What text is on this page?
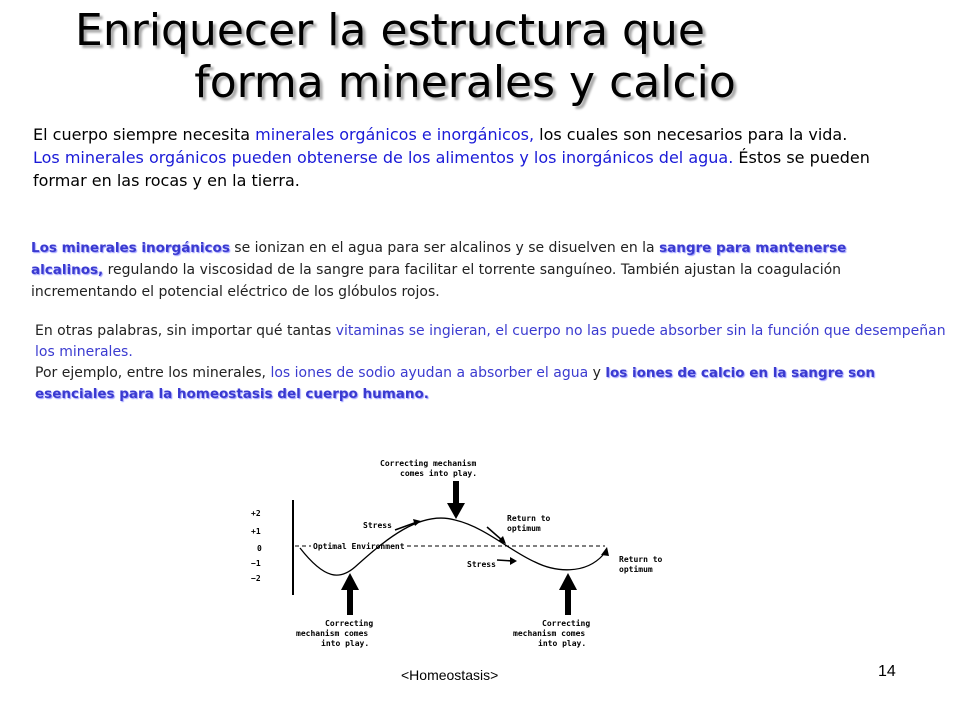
Enriquecer la estructura que
forma minerales y calcio
El cuerpo siempre necesita minerales orgánicos e inorgánicos, los cuales son necesarios para la vida.
Los minerales orgánicos pueden obtenerse de los alimentos y los inorgánicos del agua. Éstos se pueden formar en las rocas y en la tierra.
Los minerales inorgánicos se ionizan en el agua para ser alcalinos y se disuelven en la sangre para mantenerse alcalinos, regulando la viscosidad de la sangre para facilitar el torrente sanguíneo. También ajustan la coagulación incrementando el potencial eléctrico de los glóbulos rojos.
En otras palabras, sin importar qué tantas vitaminas se ingieran, el cuerpo no las puede absorber sin la función que desempeñan los minerales.
Por ejemplo, entre los minerales, los iones de sodio ayudan a absorber el agua y los iones de calcio en la sangre son esenciales para la homeostasis del cuerpo humano.
+2
+1
0
−1
−2
Optimal Environment
Stress
Stress
Correcting mechanism
comes into play.
Return to
optimum
Return to
optimum
Correcting
mechanism comes
into play.
Correcting
mechanism comes
into play.
<Homeostasis>	14
